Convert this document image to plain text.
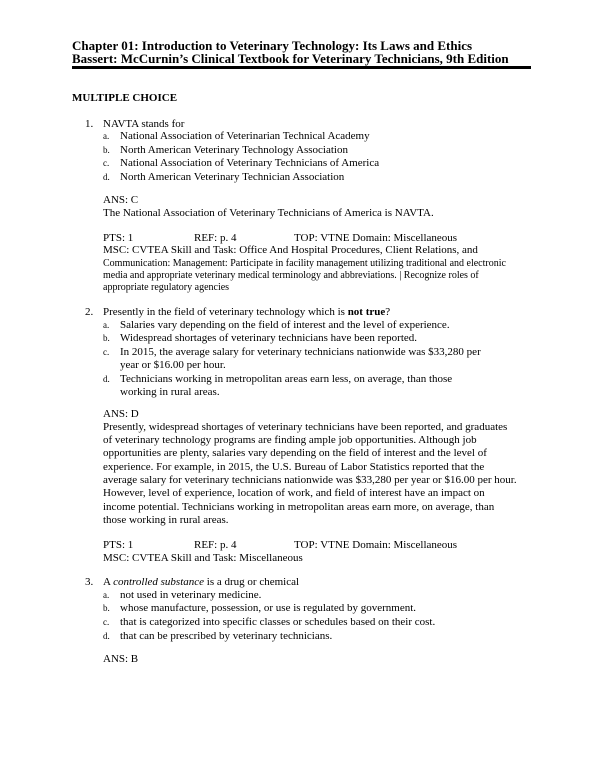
Chapter 01: Introduction to Veterinary Technology: Its Laws and Ethics
Bassert: McCurnin’s Clinical Textbook for Veterinary Technicians, 9th Edition
MULTIPLE CHOICE
1. NAVTA stands for
a. National Association of Veterinarian Technical Academy
b. North American Veterinary Technology Association
c. National Association of Veterinary Technicians of America
d. North American Veterinary Technician Association
ANS: C
The National Association of Veterinary Technicians of America is NAVTA.
PTS: 1	REF: p. 4	TOP: VTNE Domain: Miscellaneous
MSC: CVTEA Skill and Task: Office And Hospital Procedures, Client Relations, and
Communication: Management: Participate in facility management utilizing traditional and electronic
media and appropriate veterinary medical terminology and abbreviations. | Recognize roles of
appropriate regulatory agencies
2. Presently in the field of veterinary technology which is not true?
a. Salaries vary depending on the field of interest and the level of experience.
b. Widespread shortages of veterinary technicians have been reported.
c. In 2015, the average salary for veterinary technicians nationwide was $33,280 per
year or $16.00 per hour.
d. Technicians working in metropolitan areas earn less, on average, than those
working in rural areas.
ANS: D
Presently, widespread shortages of veterinary technicians have been reported, and graduates
of veterinary technology programs are finding ample job opportunities. Although job
opportunities are plenty, salaries vary depending on the field of interest and the level of
experience. For example, in 2015, the U.S. Bureau of Labor Statistics reported that the
average salary for veterinary technicians nationwide was $33,280 per year or $16.00 per hour.
However, level of experience, location of work, and field of interest have an impact on
income potential. Technicians working in metropolitan areas earn more, on average, than
those working in rural areas.
PTS: 1	REF: p. 4	TOP: VTNE Domain: Miscellaneous
MSC: CVTEA Skill and Task: Miscellaneous
3. A controlled substance is a drug or chemical
a. not used in veterinary medicine.
b. whose manufacture, possession, or use is regulated by government.
c. that is categorized into specific classes or schedules based on their cost.
d. that can be prescribed by veterinary technicians.
ANS: B
